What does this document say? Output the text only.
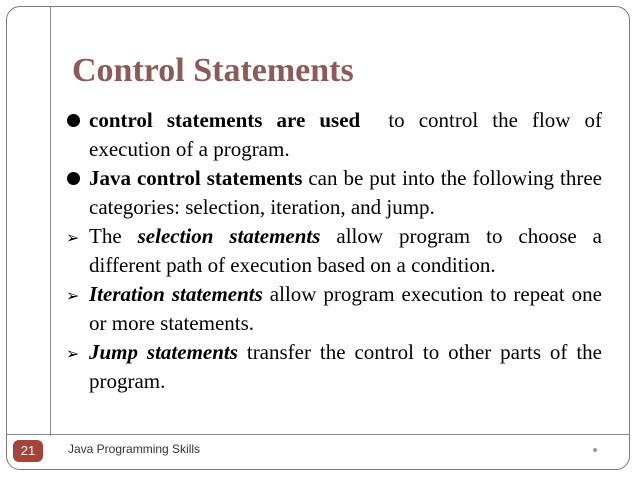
Control Statements

control statements are used  to control the flow of execution of a program.

Java control statements can be put into the following three categories: selection, iteration, and jump.

➢ The selection statements allow program to choose a different path of execution based on a condition.

➢ Iteration statements allow program execution to repeat one or more statements.

➢ Jump statements transfer the control to other parts of the program.

21	Java Programming Skills
